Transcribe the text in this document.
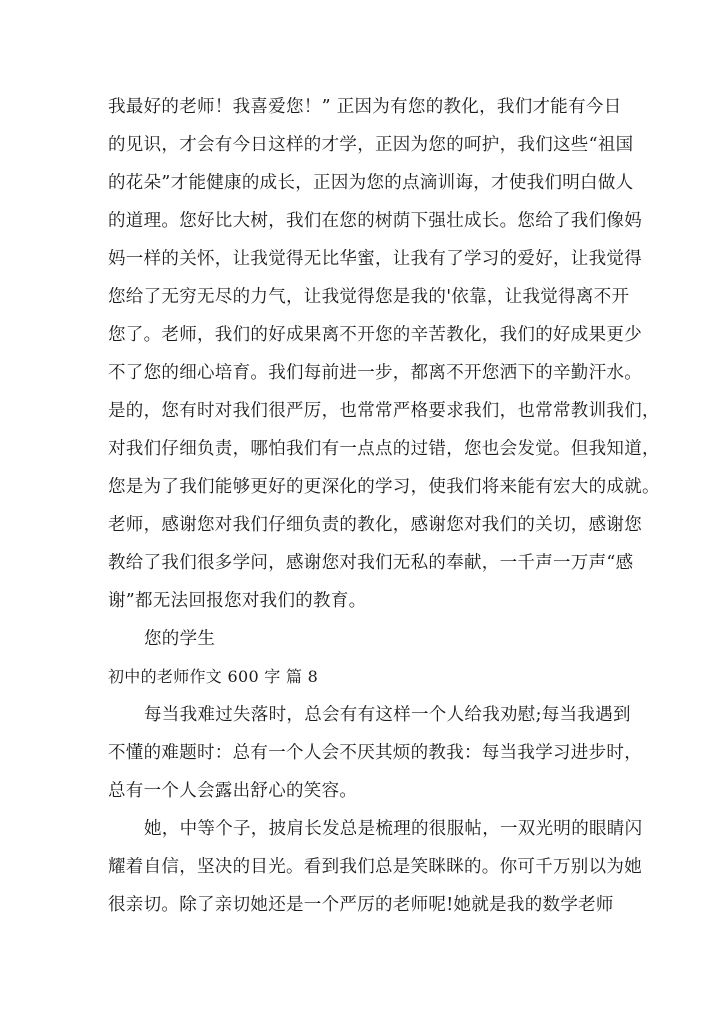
我最好的老师！我喜爱您！” 正因为有您的教化，我们才能有今日
的见识，才会有今日这样的才学，正因为您的呵护，我们这些“祖国
的花朵”才能健康的成长，正因为您的点滴训诲，才使我们明白做人
的道理。您好比大树，我们在您的树荫下强壮成长。您给了我们像妈
妈一样的关怀，让我觉得无比华蜜，让我有了学习的爱好，让我觉得
您给了无穷无尽的力气，让我觉得您是我的'依靠，让我觉得离不开
您了。老师，我们的好成果离不开您的辛苦教化，我们的好成果更少
不了您的细心培育。我们每前进一步，都离不开您洒下的辛勤汗水。
是的，您有时对我们很严厉，也常常严格要求我们，也常常教训我们，
对我们仔细负责，哪怕我们有一点点的过错，您也会发觉。但我知道，
您是为了我们能够更好的更深化的学习，使我们将来能有宏大的成就。
老师，感谢您对我们仔细负责的教化，感谢您对我们的关切，感谢您
教给了我们很多学问，感谢您对我们无私的奉献，一千声一万声“感
谢”都无法回报您对我们的教育。
您的学生
初中的老师作文 600 字 篇 8
每当我难过失落时，总会有有这样一个人给我劝慰;每当我遇到
不懂的难题时：总有一个人会不厌其烦的教我：每当我学习进步时，
总有一个人会露出舒心的笑容。
她，中等个子，披肩长发总是梳理的很服帖，一双光明的眼睛闪
耀着自信，坚决的目光。看到我们总是笑眯眯的。你可千万别以为她
很亲切。除了亲切她还是一个严厉的老师呢!她就是我的数学老师
